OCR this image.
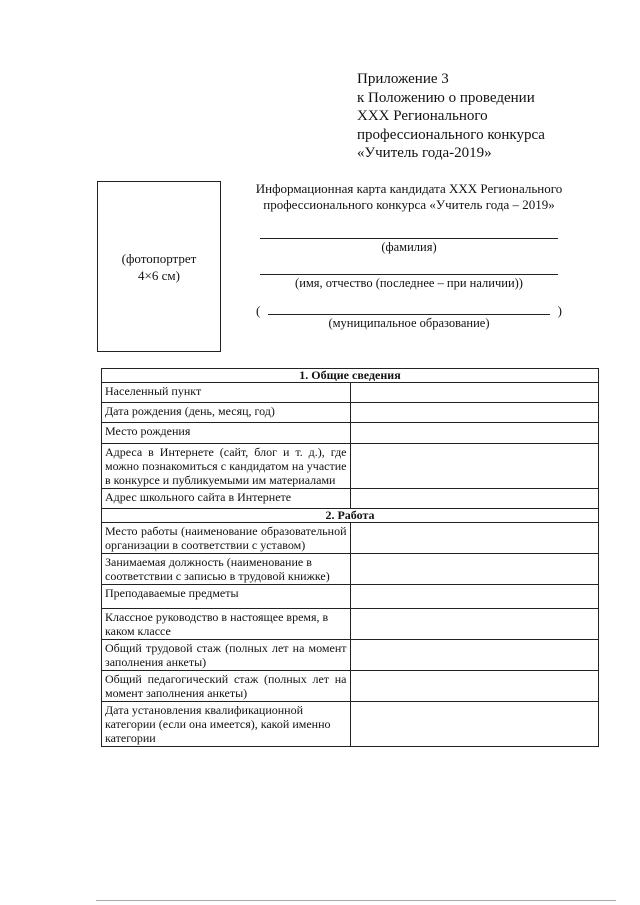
Приложение 3
к Положению о проведении
XXX Регионального
профессионального конкурса
«Учитель года-2019»
(фотопортрет
4×6 см)
Информационная карта кандидата XXX Регионального
профессионального конкурса «Учитель года – 2019»
(фамилия)
(имя, отчество (последнее – при наличии))
(	)
(муниципальное образование)
1. Общие сведения	
Населенный пункт	
Дата рождения (день, месяц, год)	
Место рождения	
Адреса в Интернете (сайт, блог и т. д.), где можно познакомиться с кандидатом на участие в конкурсе и публикуемыми им материалами	
Адрес школьного сайта в Интернете	
2. Работа	
Место работы (наименование образовательной организации в соответствии с уставом)	
Занимаемая должность (наименование в соответствии с записью в трудовой книжке)	
Преподаваемые предметы	
Классное руководство в настоящее время, в каком классе	
Общий трудовой стаж (полных лет на момент заполнения анкеты)	
Общий педагогический стаж (полных лет на момент заполнения анкеты)	
Дата установления квалификационной категории (если она имеется), какой именно категории	
